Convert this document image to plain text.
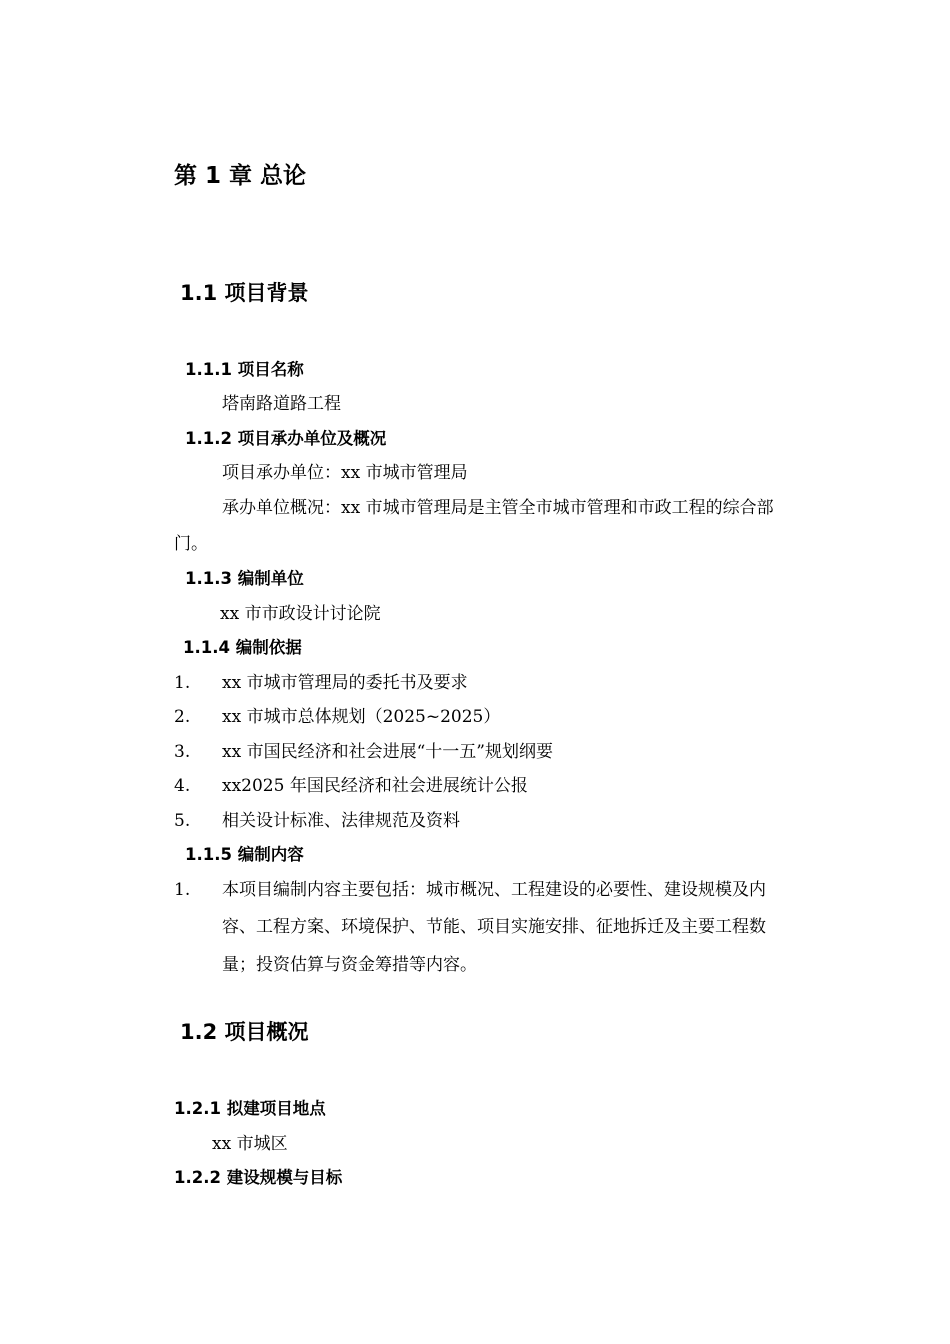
第 1 章 总论
1.1 项目背景
1.1.1 项目名称
塔南路道路工程
1.1.2 项目承办单位及概况
项目承办单位：xx 市城市管理局
承办单位概况：xx 市城市管理局是主管全市城市管理和市政工程的综合部
门。
1.1.3 编制单位
xx 市市政设计讨论院
1.1.4 编制依据
1. xx 市城市管理局的委托书及要求
2. xx 市城市总体规划（2025~2025）
3. xx 市国民经济和社会进展“十一五”规划纲要
4. xx2025 年国民经济和社会进展统计公报
5. 相关设计标准、法律规范及资料
1.1.5 编制内容
1. 本项目编制内容主要包括：城市概况、工程建设的必要性、建设规模及内
容、工程方案、环境保护、节能、项目实施安排、征地拆迁及主要工程数
量；投资估算与资金筹措等内容。
1.2 项目概况
1.2.1 拟建项目地点
xx 市城区
1.2.2 建设规模与目标
